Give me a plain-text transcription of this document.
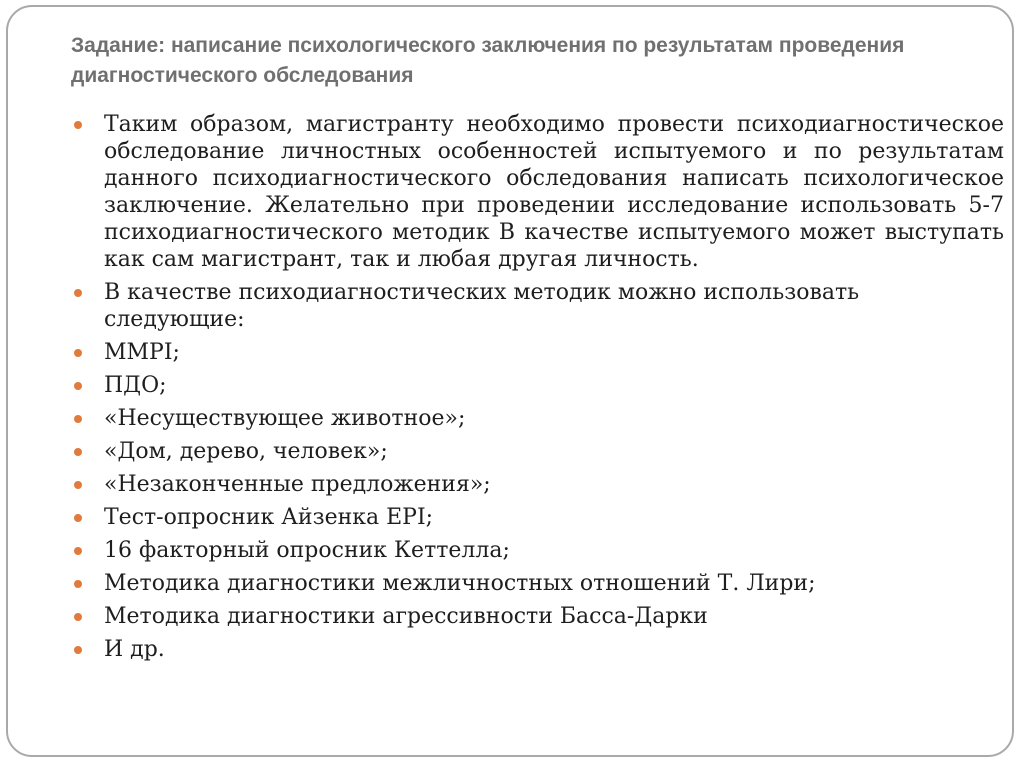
Задание: написание психологического заключения по результатам проведения диагностического обследования
Таким образом, магистранту необходимо провести психодиагностическое обследование личностных особенностей испытуемого и по результатам данного психодиагностического обследования написать психологическое заключение. Желательно при проведении исследование использовать 5-7 психодиагностического методик В качестве испытуемого может выступать как сам магистрант, так и любая другая личность.
В качестве психодиагностических методик можно использовать следующие:
MMPI;
ПДО;
«Несуществующее животное»;
«Дом, дерево, человек»;
«Незаконченные предложения»;
Тест-опросник Айзенка EPI;
16 факторный опросник Кеттелла;
Методика диагностики межличностных отношений Т. Лири;
Методика диагностики агрессивности Басса-Дарки
И др.
